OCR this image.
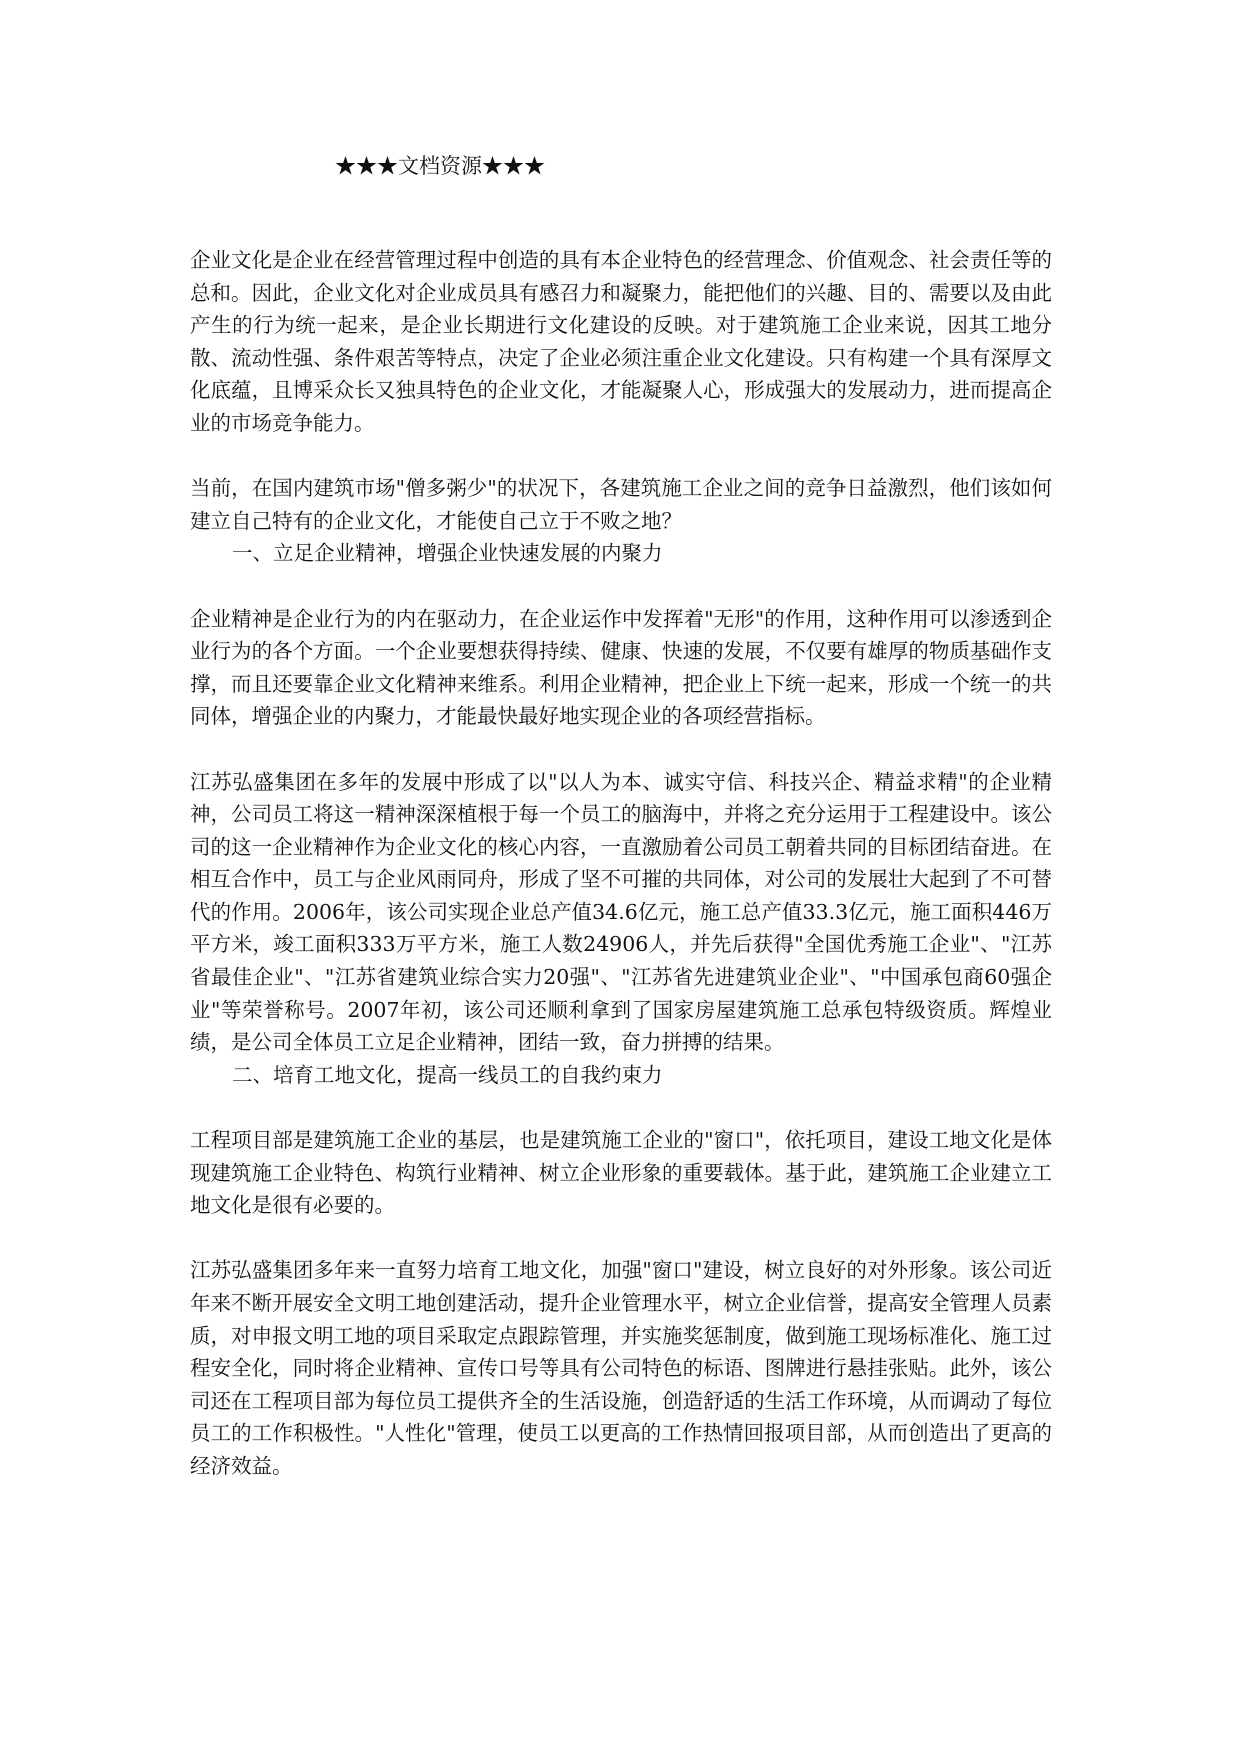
★★★文档资源★★★

企业文化是企业在经营管理过程中创造的具有本企业特色的经营理念、价值观念、社会责任等的总和。因此，企业文化对企业成员具有感召力和凝聚力，能把他们的兴趣、目的、需要以及由此产生的行为统一起来，是企业长期进行文化建设的反映。对于建筑施工企业来说，因其工地分散、流动性强、条件艰苦等特点，决定了企业必须注重企业文化建设。只有构建一个具有深厚文化底蕴，且博采众长又独具特色的企业文化，才能凝聚人心，形成强大的发展动力，进而提高企业的市场竞争能力。

当前，在国内建筑市场"僧多粥少"的状况下，各建筑施工企业之间的竞争日益激烈，他们该如何建立自己特有的企业文化，才能使自己立于不败之地？

一、立足企业精神，增强企业快速发展的内聚力

企业精神是企业行为的内在驱动力，在企业运作中发挥着"无形"的作用，这种作用可以渗透到企业行为的各个方面。一个企业要想获得持续、健康、快速的发展，不仅要有雄厚的物质基础作支撑，而且还要靠企业文化精神来维系。利用企业精神，把企业上下统一起来，形成一个统一的共同体，增强企业的内聚力，才能最快最好地实现企业的各项经营指标。

江苏弘盛集团在多年的发展中形成了以"以人为本、诚实守信、科技兴企、精益求精"的企业精神，公司员工将这一精神深深植根于每一个员工的脑海中，并将之充分运用于工程建设中。该公司的这一企业精神作为企业文化的核心内容，一直激励着公司员工朝着共同的目标团结奋进。在相互合作中，员工与企业风雨同舟，形成了坚不可摧的共同体，对公司的发展壮大起到了不可替代的作用。2006年，该公司实现企业总产值34.6亿元，施工总产值33.3亿元，施工面积446万平方米，竣工面积333万平方米，施工人数24906人，并先后获得"全国优秀施工企业"、"江苏省最佳企业"、"江苏省建筑业综合实力20强"、"江苏省先进建筑业企业"、"中国承包商60强企业"等荣誉称号。2007年初，该公司还顺利拿到了国家房屋建筑施工总承包特级资质。辉煌业绩，是公司全体员工立足企业精神，团结一致，奋力拼搏的结果。

二、培育工地文化，提高一线员工的自我约束力

工程项目部是建筑施工企业的基层，也是建筑施工企业的"窗口"，依托项目，建设工地文化是体现建筑施工企业特色、构筑行业精神、树立企业形象的重要载体。基于此，建筑施工企业建立工地文化是很有必要的。

江苏弘盛集团多年来一直努力培育工地文化，加强"窗口"建设，树立良好的对外形象。该公司近年来不断开展安全文明工地创建活动，提升企业管理水平，树立企业信誉，提高安全管理人员素质，对申报文明工地的项目采取定点跟踪管理，并实施奖惩制度，做到施工现场标准化、施工过程安全化，同时将企业精神、宣传口号等具有公司特色的标语、图牌进行悬挂张贴。此外，该公司还在工程项目部为每位员工提供齐全的生活设施，创造舒适的生活工作环境，从而调动了每位员工的工作积极性。"人性化"管理，使员工以更高的工作热情回报项目部，从而创造出了更高的经济效益。
